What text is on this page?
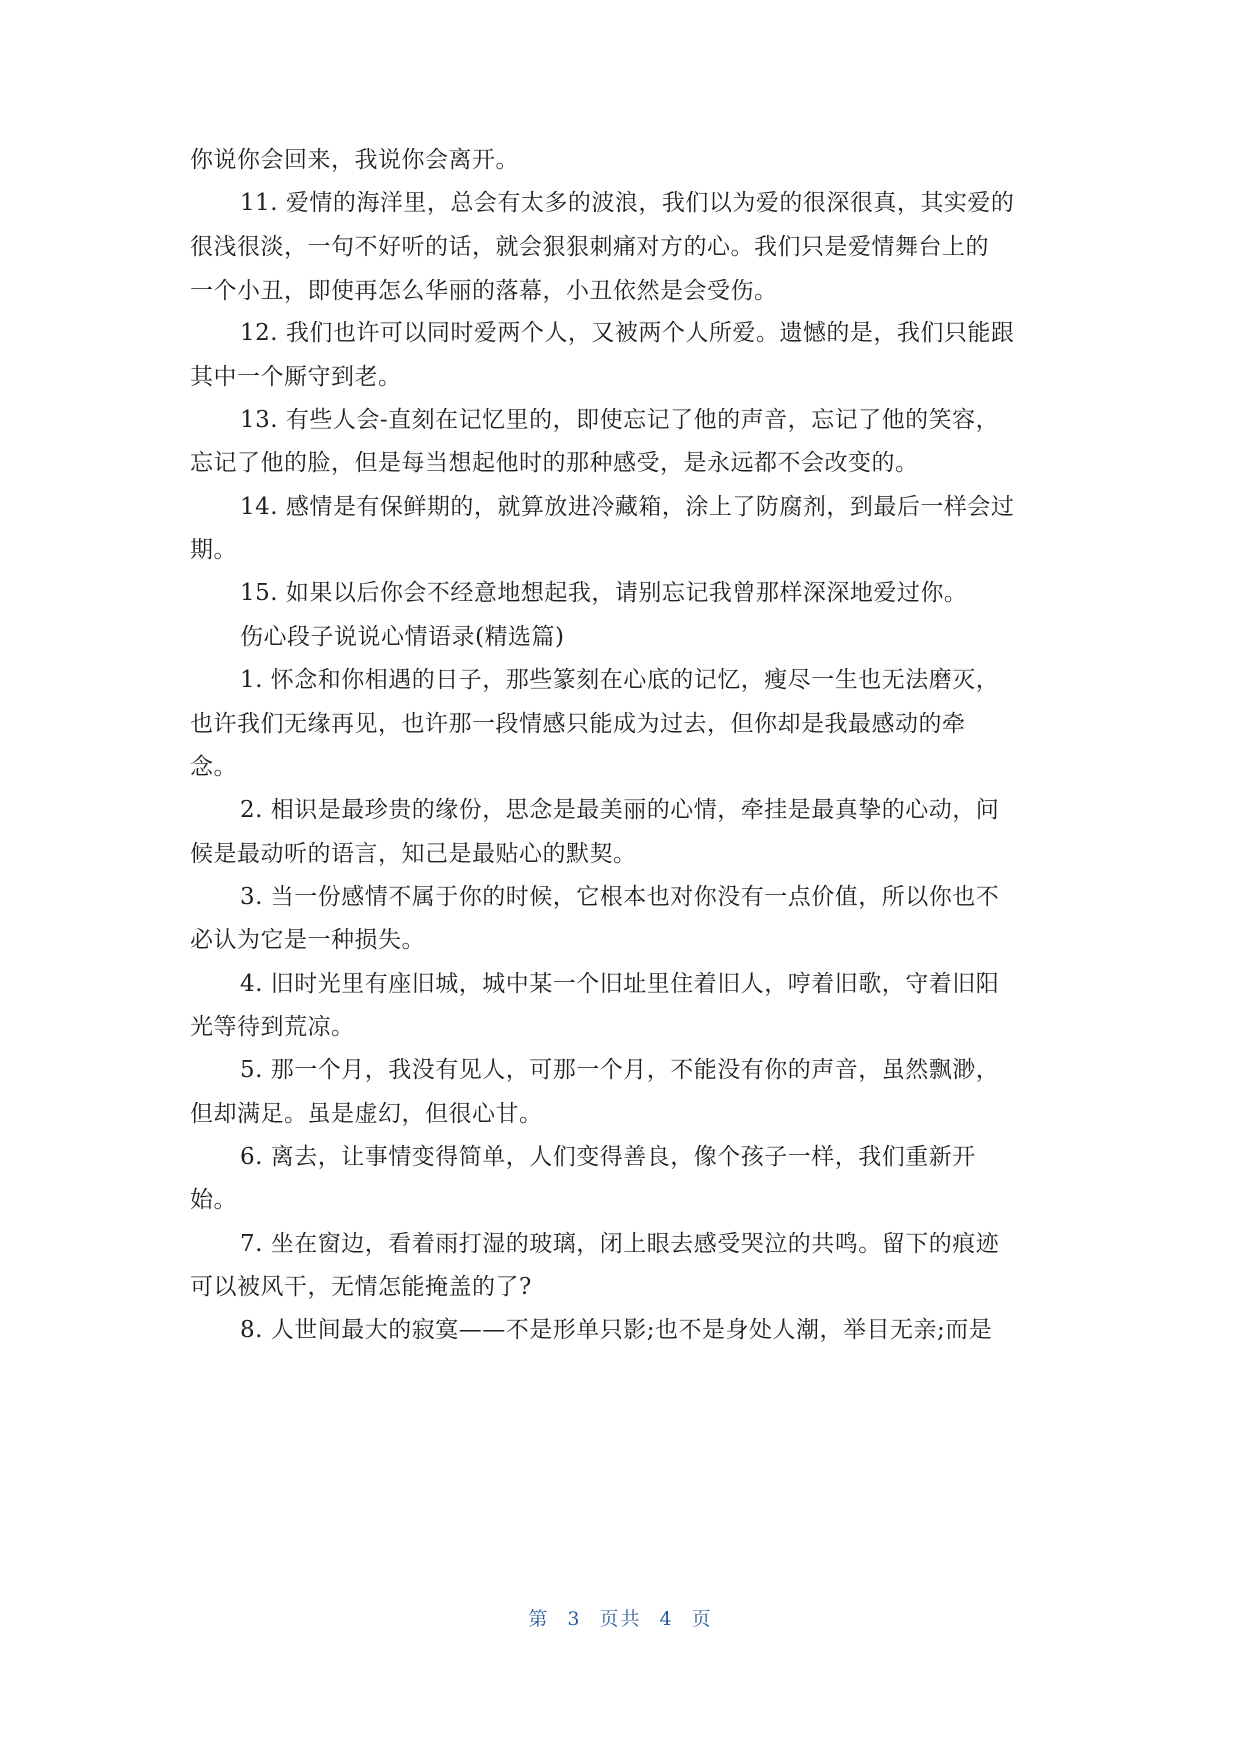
你说你会回来，我说你会离开。
11. 爱情的海洋里，总会有太多的波浪，我们以为爱的很深很真，其实爱的
很浅很淡，一句不好听的话，就会狠狠刺痛对方的心。我们只是爱情舞台上的
一个小丑，即使再怎么华丽的落幕，小丑依然是会受伤。
12. 我们也许可以同时爱两个人，又被两个人所爱。遗憾的是，我们只能跟
其中一个厮守到老。
13. 有些人会-直刻在记忆里的，即使忘记了他的声音，忘记了他的笑容，
忘记了他的脸，但是每当想起他时的那种感受，是永远都不会改变的。
14. 感情是有保鲜期的，就算放进冷藏箱，涂上了防腐剂，到最后一样会过
期。
15. 如果以后你会不经意地想起我，请别忘记我曾那样深深地爱过你。
伤心段子说说心情语录(精选篇)
1. 怀念和你相遇的日子，那些篆刻在心底的记忆，瘦尽一生也无法磨灭，
也许我们无缘再见，也许那一段情感只能成为过去，但你却是我最感动的牵
念。
2. 相识是最珍贵的缘份，思念是最美丽的心情，牵挂是最真挚的心动，问
候是最动听的语言，知己是最贴心的默契。
3. 当一份感情不属于你的时候，它根本也对你没有一点价值，所以你也不
必认为它是一种损失。
4. 旧时光里有座旧城，城中某一个旧址里住着旧人，哼着旧歌，守着旧阳
光等待到荒凉。
5. 那一个月，我没有见人，可那一个月，不能没有你的声音，虽然飘渺，
但却满足。虽是虚幻，但很心甘。
6. 离去，让事情变得简单，人们变得善良，像个孩子一样，我们重新开
始。
7. 坐在窗边，看着雨打湿的玻璃，闭上眼去感受哭泣的共鸣。留下的痕迹
可以被风干，无情怎能掩盖的了?
8. 人世间最大的寂寞——不是形单只影;也不是身处人潮，举目无亲;而是
第 3 页共 4 页
